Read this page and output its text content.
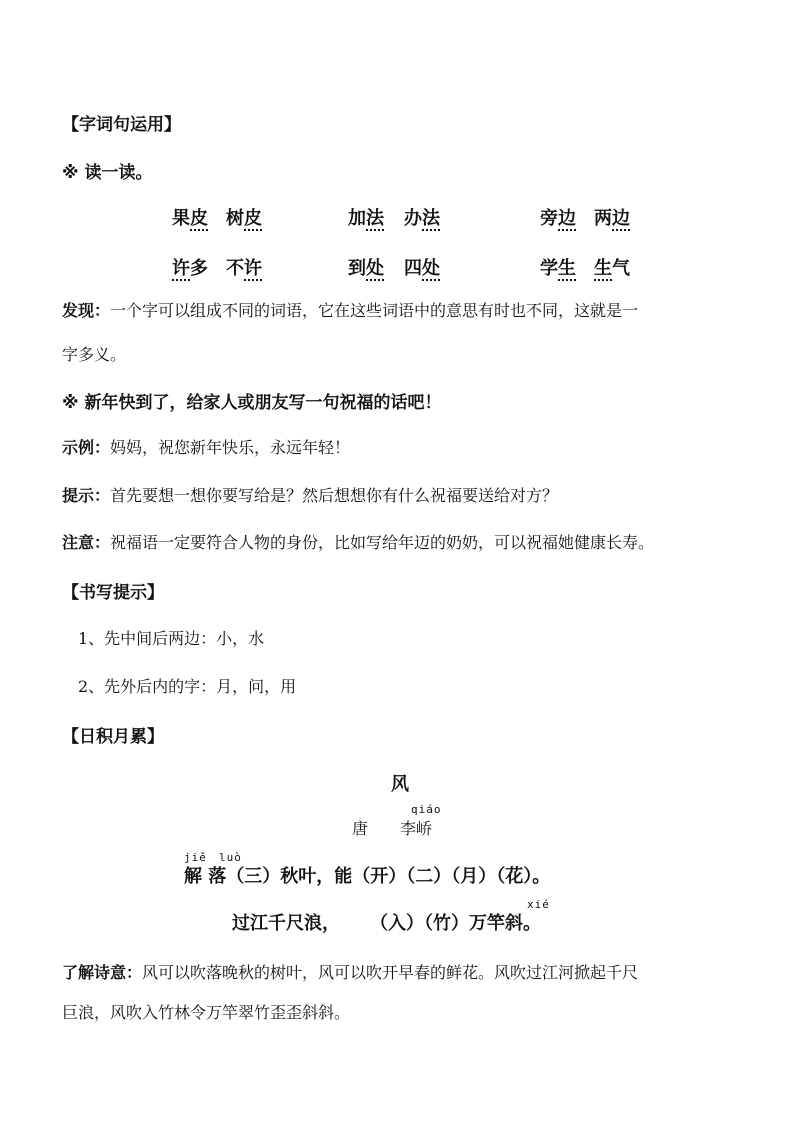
【字词句运用】
※ 读一读。
果皮 树皮	加法 办法	旁边 两边
许多 不许	到处 四处	学生 生气
发现：一个字可以组成不同的词语，它在这些词语中的意思有时也不同，这就是一
字多义。
※ 新年快到了，给家人或朋友写一句祝福的话吧！
示例：妈妈，祝您新年快乐，永远年轻！
提示：首先要想一想你要写给是？然后想想你有什么祝福要送给对方？
注意：祝福语一定要符合人物的身份，比如写给年迈的奶奶，可以祝福她健康长寿。
【书写提示】
1、先中间后两边：小，水
2、先外后内的字：月，问，用
【日积月累】
风
qiáo
唐 李峤
jiě luò
解 落（三）秋叶，能（开）（二）（月）（花）。
xié
过江千尺浪， （入）（竹）万竿斜。
了解诗意：风可以吹落晚秋的树叶，风可以吹开早春的鲜花。风吹过江河掀起千尺
巨浪，风吹入竹林令万竿翠竹歪歪斜斜。
